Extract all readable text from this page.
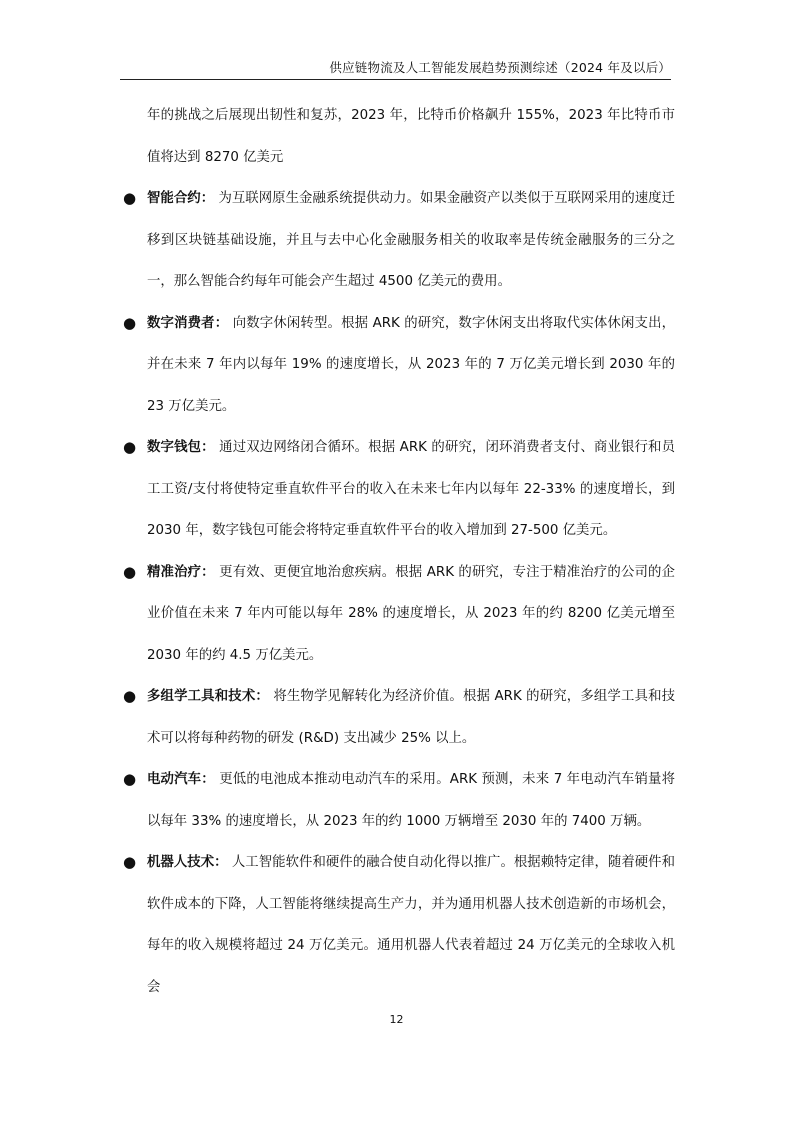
供应链物流及人工智能发展趋势预测综述（2024 年及以后）

年的挑战之后展现出韧性和复苏，2023 年，比特币价格飙升 155%，2023 年比特币市值将达到 8270 亿美元

● 智能合约： 为互联网原生金融系统提供动力。如果金融资产以类似于互联网采用的速度迁移到区块链基础设施，并且与去中心化金融服务相关的收取率是传统金融服务的三分之一，那么智能合约每年可能会产生超过 4500 亿美元的费用。
● 数字消费者： 向数字休闲转型。根据 ARK 的研究，数字休闲支出将取代实体休闲支出，并在未来 7 年内以每年 19% 的速度增长，从 2023 年的 7 万亿美元增长到 2030 年的 23 万亿美元。
● 数字钱包： 通过双边网络闭合循环。根据 ARK 的研究，闭环消费者支付、商业银行和员工工资/支付将使特定垂直软件平台的收入在未来七年内以每年 22-33% 的速度增长，到 2030 年，数字钱包可能会将特定垂直软件平台的收入增加到 27-500 亿美元。
● 精准治疗： 更有效、更便宜地治愈疾病。根据 ARK 的研究，专注于精准治疗的公司的企业价值在未来 7 年内可能以每年 28% 的速度增长，从 2023 年的约 8200 亿美元增至 2030 年的约 4.5 万亿美元。
● 多组学工具和技术： 将生物学见解转化为经济价值。根据 ARK 的研究，多组学工具和技术可以将每种药物的研发 (R&D) 支出减少 25% 以上。
● 电动汽车： 更低的电池成本推动电动汽车的采用。ARK 预测，未来 7 年电动汽车销量将以每年 33% 的速度增长，从 2023 年的约 1000 万辆增至 2030 年的 7400 万辆。
● 机器人技术： 人工智能软件和硬件的融合使自动化得以推广。根据赖特定律，随着硬件和软件成本的下降，人工智能将继续提高生产力，并为通用机器人技术创造新的市场机会，每年的收入规模将超过 24 万亿美元。通用机器人代表着超过 24 万亿美元的全球收入机会
12
